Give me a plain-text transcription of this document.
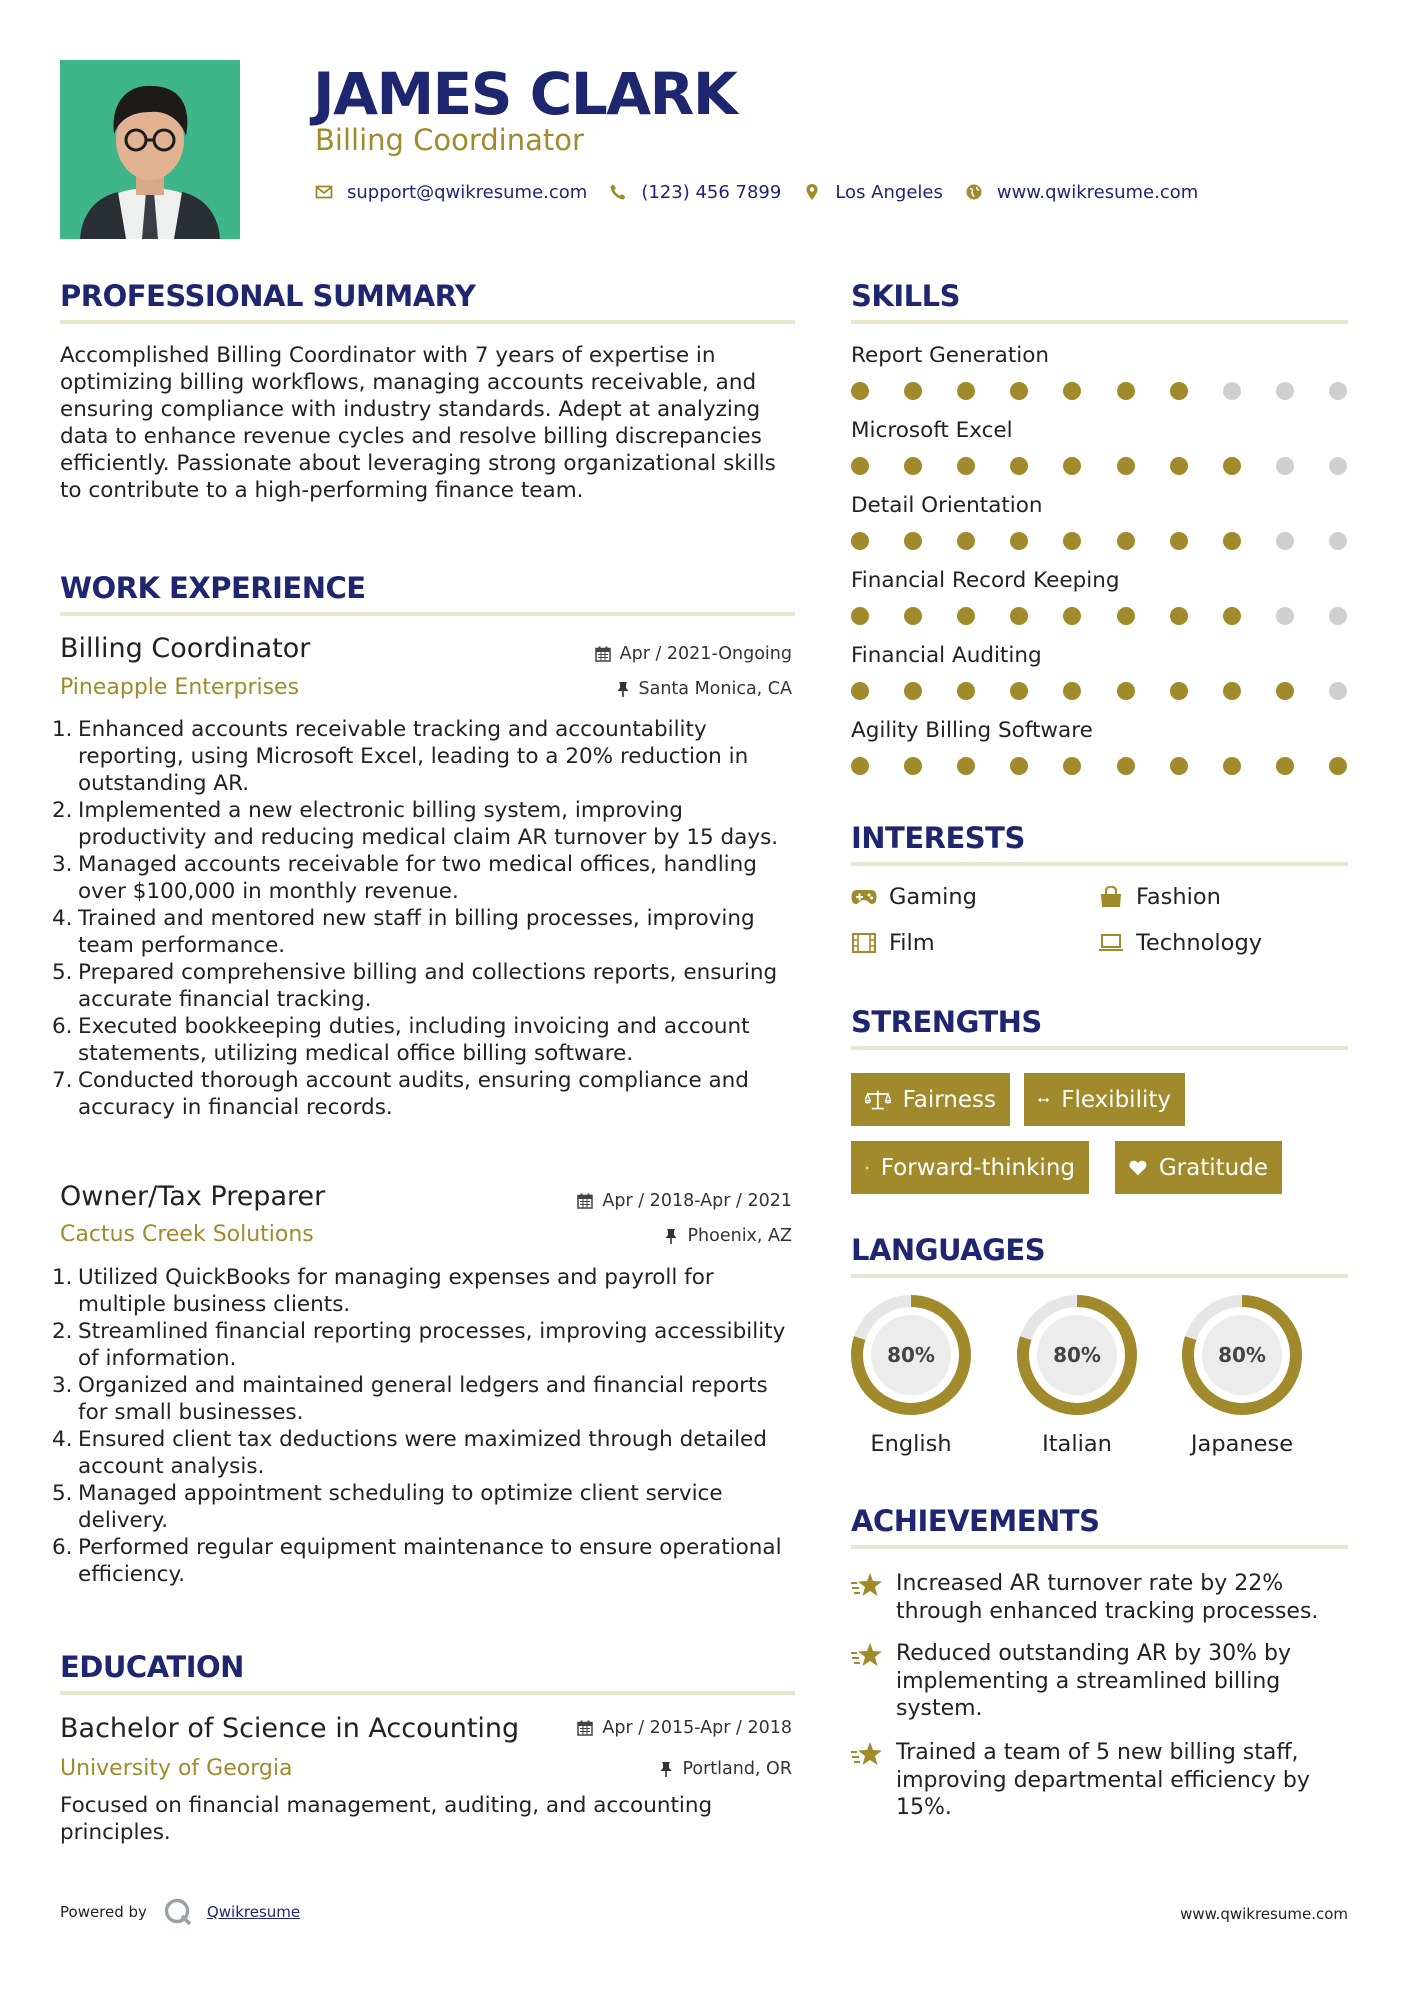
JAMES CLARK
Billing Coordinator
support@qwikresume.com	(123) 456 7899	Los Angeles	www.qwikresume.com
PROFESSIONAL SUMMARY
Accomplished Billing Coordinator with 7 years of expertise in optimizing billing workflows, managing accounts receivable, and ensuring compliance with industry standards. Adept at analyzing data to enhance revenue cycles and resolve billing discrepancies efficiently. Passionate about leveraging strong organizational skills to contribute to a high-performing finance team.
WORK EXPERIENCE
Billing Coordinator	Apr / 2021-Ongoing
Pineapple Enterprises	Santa Monica, CA
1. Enhanced accounts receivable tracking and accountability reporting, using Microsoft Excel, leading to a 20% reduction in outstanding AR.
2. Implemented a new electronic billing system, improving productivity and reducing medical claim AR turnover by 15 days.
3. Managed accounts receivable for two medical offices, handling over $100,000 in monthly revenue.
4. Trained and mentored new staff in billing processes, improving team performance.
5. Prepared comprehensive billing and collections reports, ensuring accurate financial tracking.
6. Executed bookkeeping duties, including invoicing and account statements, utilizing medical office billing software.
7. Conducted thorough account audits, ensuring compliance and accuracy in financial records.
Owner/Tax Preparer	Apr / 2018-Apr / 2021
Cactus Creek Solutions	Phoenix, AZ
1. Utilized QuickBooks for managing expenses and payroll for multiple business clients.
2. Streamlined financial reporting processes, improving accessibility of information.
3. Organized and maintained general ledgers and financial reports for small businesses.
4. Ensured client tax deductions were maximized through detailed account analysis.
5. Managed appointment scheduling to optimize client service delivery.
6. Performed regular equipment maintenance to ensure operational efficiency.
EDUCATION
Bachelor of Science in Accounting	Apr / 2015-Apr / 2018
University of Georgia	Portland, OR
Focused on financial management, auditing, and accounting principles.
SKILLS
Report Generation
Microsoft Excel
Detail Orientation
Financial Record Keeping
Financial Auditing
Agility Billing Software
INTERESTS
Gaming	Fashion
Film	Technology
STRENGTHS
Fairness	Flexibility
Forward-thinking	Gratitude
LANGUAGES
80%
English
80%
Italian
80%
Japanese
ACHIEVEMENTS
Increased AR turnover rate by 22% through enhanced tracking processes.
Reduced outstanding AR by 30% by implementing a streamlined billing system.
Trained a team of 5 new billing staff, improving departmental efficiency by 15%.
Powered by	Qwikresume	www.qwikresume.com
